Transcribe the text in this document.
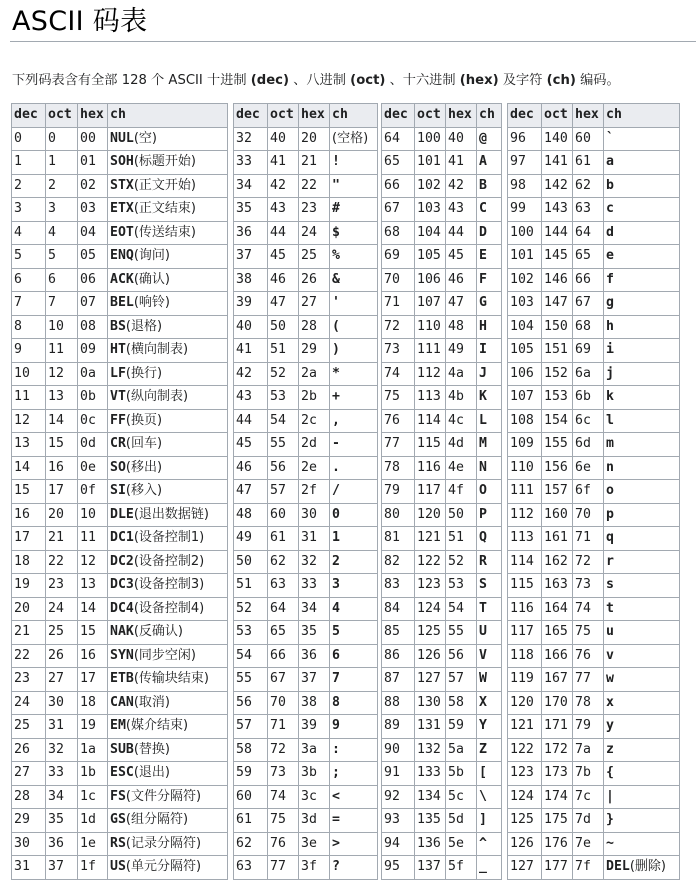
ASCII 码表
下列码表含有全部 128 个 ASCII 十进制 (dec) 、八进制 (oct) 、十六进制 (hex) 及字符 (ch) 编码。
dec	oct	hex	ch
0	0	00	NUL(空)
1	1	01	SOH(标题开始)
2	2	02	STX(正文开始)
3	3	03	ETX(正文结束)
4	4	04	EOT(传送结束)
5	5	05	ENQ(询问)
6	6	06	ACK(确认)
7	7	07	BEL(响铃)
8	10	08	BS(退格)
9	11	09	HT(横向制表)
10	12	0a	LF(换行)
11	13	0b	VT(纵向制表)
12	14	0c	FF(换页)
13	15	0d	CR(回车)
14	16	0e	SO(移出)
15	17	0f	SI(移入)
16	20	10	DLE(退出数据链)
17	21	11	DC1(设备控制1)
18	22	12	DC2(设备控制2)
19	23	13	DC3(设备控制3)
20	24	14	DC4(设备控制4)
21	25	15	NAK(反确认)
22	26	16	SYN(同步空闲)
23	27	17	ETB(传输块结束)
24	30	18	CAN(取消)
25	31	19	EM(媒介结束)
26	32	1a	SUB(替换)
27	33	1b	ESC(退出)
28	34	1c	FS(文件分隔符)
29	35	1d	GS(组分隔符)
30	36	1e	RS(记录分隔符)
31	37	1f	US(单元分隔符)
dec	oct	hex	ch
32	40	20	(空格)
33	41	21	!
34	42	22	"
35	43	23	#
36	44	24	$
37	45	25	%
38	46	26	&
39	47	27	'
40	50	28	(
41	51	29	)
42	52	2a	*
43	53	2b	+
44	54	2c	,
45	55	2d	-
46	56	2e	.
47	57	2f	/
48	60	30	0
49	61	31	1
50	62	32	2
51	63	33	3
52	64	34	4
53	65	35	5
54	66	36	6
55	67	37	7
56	70	38	8
57	71	39	9
58	72	3a	:
59	73	3b	;
60	74	3c	<
61	75	3d	=
62	76	3e	>
63	77	3f	?
dec	oct	hex	ch
64	100	40	@
65	101	41	A
66	102	42	B
67	103	43	C
68	104	44	D
69	105	45	E
70	106	46	F
71	107	47	G
72	110	48	H
73	111	49	I
74	112	4a	J
75	113	4b	K
76	114	4c	L
77	115	4d	M
78	116	4e	N
79	117	4f	O
80	120	50	P
81	121	51	Q
82	122	52	R
83	123	53	S
84	124	54	T
85	125	55	U
86	126	56	V
87	127	57	W
88	130	58	X
89	131	59	Y
90	132	5a	Z
91	133	5b	[
92	134	5c	\
93	135	5d	]
94	136	5e	^
95	137	5f	_
dec	oct	hex	ch
96	140	60	`
97	141	61	a
98	142	62	b
99	143	63	c
100	144	64	d
101	145	65	e
102	146	66	f
103	147	67	g
104	150	68	h
105	151	69	i
106	152	6a	j
107	153	6b	k
108	154	6c	l
109	155	6d	m
110	156	6e	n
111	157	6f	o
112	160	70	p
113	161	71	q
114	162	72	r
115	163	73	s
116	164	74	t
117	165	75	u
118	166	76	v
119	167	77	w
120	170	78	x
121	171	79	y
122	172	7a	z
123	173	7b	{
124	174	7c	|
125	175	7d	}
126	176	7e	~
127	177	7f	DEL(删除)
